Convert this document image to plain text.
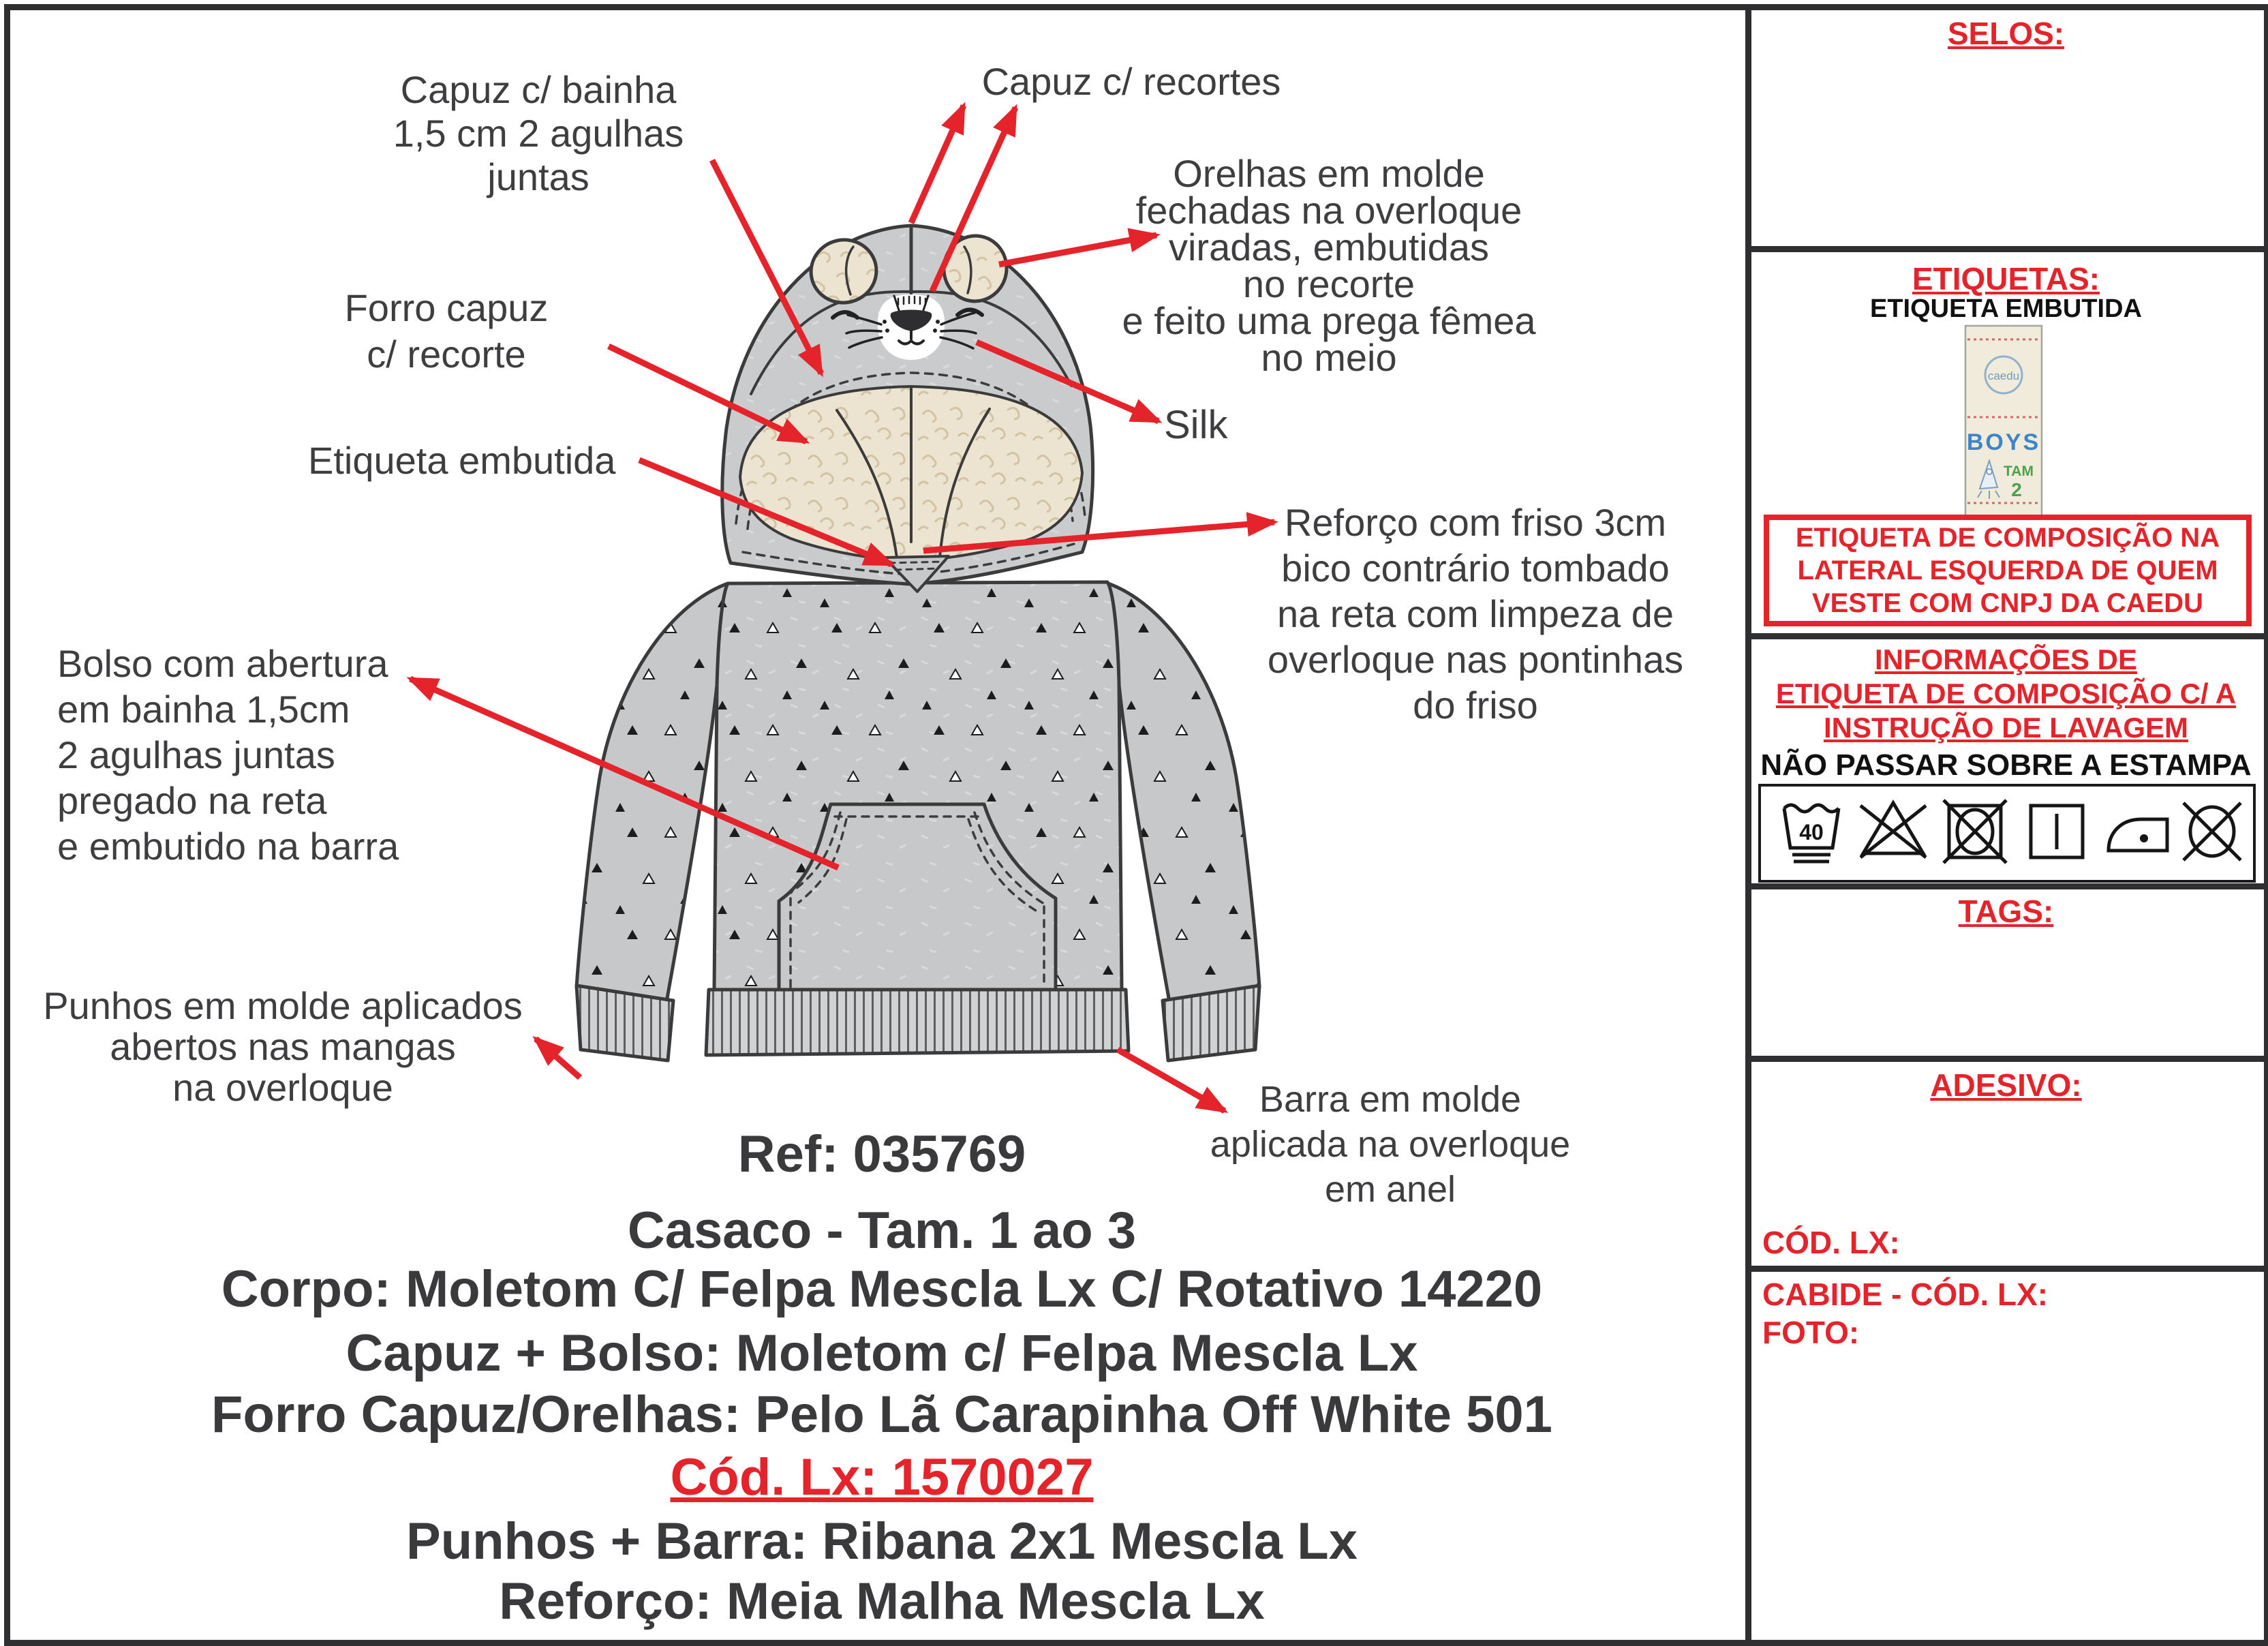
Capuz c/ bainha
1,5 cm 2 agulhas
juntas
Capuz c/ recortes
Orelhas em molde
fechadas na overloque
viradas, embutidas
no recorte
e feito uma prega fêmea
no meio
Forro capuz
c/ recorte
Etiqueta embutida
Silk
Reforço com friso 3cm
bico contrário tombado
na reta com limpeza de
overloque nas pontinhas
do friso
Bolso com abertura
em bainha 1,5cm
2 agulhas juntas
pregado na reta
e embutido na barra
Punhos em molde aplicados
abertos nas mangas
na overloque	Barra em molde
aplicada na overloque
em anel
Ref: 035769
Casaco - Tam. 1 ao 3
Corpo: Moletom C/ Felpa Mescla Lx C/ Rotativo 14220
Capuz + Bolso: Moletom c/ Felpa Mescla Lx
Forro Capuz/Orelhas: Pelo Lã Carapinha Off White 501
Cód. Lx: 1570027
Punhos + Barra: Ribana 2x1 Mescla Lx
Reforço: Meia Malha Mescla Lx
SELOS:
ETIQUETAS:
ETIQUETA EMBUTIDA
caedu
BOYS
TAM
2
ETIQUETA DE COMPOSIÇÃO NA
LATERAL ESQUERDA DE QUEM
VESTE COM CNPJ DA CAEDU
INFORMAÇÕES DE
ETIQUETA DE COMPOSIÇÃO C/ A
INSTRUÇÃO DE LAVAGEM
NÃO PASSAR SOBRE A ESTAMPA
40
TAGS:
ADESIVO:
CÓD. LX:
CABIDE - CÓD. LX:
FOTO:
